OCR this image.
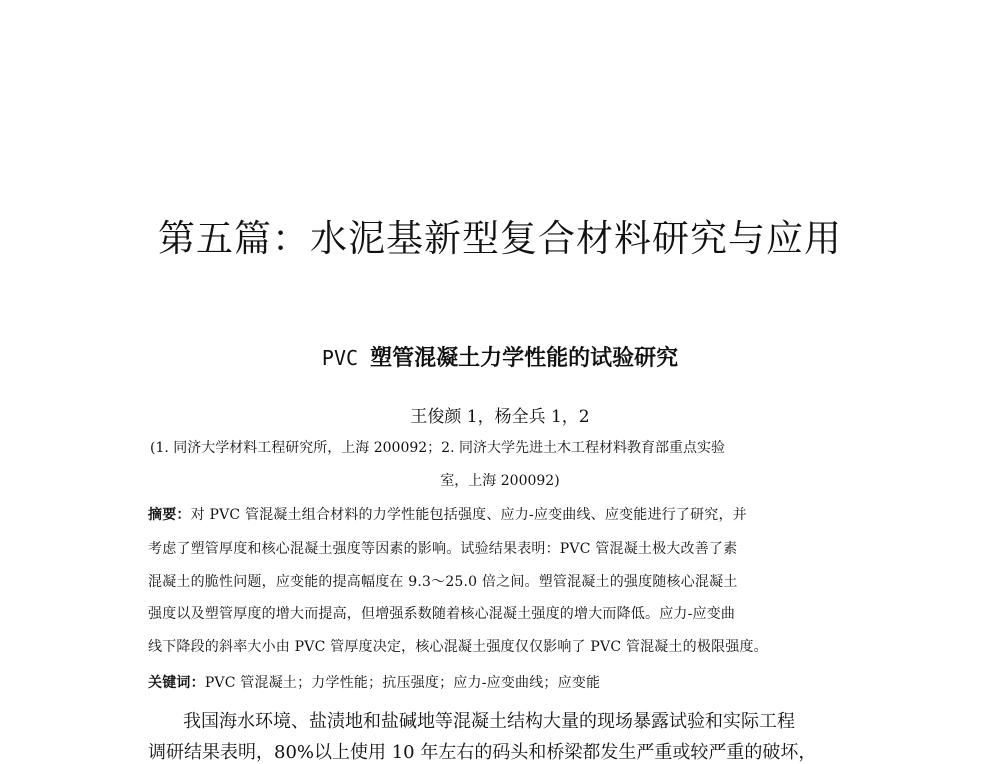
第五篇：水泥基新型复合材料研究与应用
PVC 塑管混凝土力学性能的试验研究
王俊颜 1，杨全兵 1，2
(1. 同济大学材料工程研究所，上海 200092；2. 同济大学先进土木工程材料教育部重点实验
室，上海 200092)
摘要：对 PVC 管混凝土组合材料的力学性能包括强度、应力-应变曲线、应变能进行了研究，并
考虑了塑管厚度和核心混凝土强度等因素的影响。试验结果表明：PVC 管混凝土极大改善了素
混凝土的脆性问题，应变能的提高幅度在 9.3～25.0 倍之间。塑管混凝土的强度随核心混凝土
强度以及塑管厚度的增大而提高，但增强系数随着核心混凝土强度的增大而降低。应力-应变曲
线下降段的斜率大小由 PVC 管厚度决定，核心混凝土强度仅仅影响了 PVC 管混凝土的极限强度。
关键词：PVC 管混凝土；力学性能；抗压强度；应力-应变曲线；应变能
我国海水环境、盐渍地和盐碱地等混凝土结构大量的现场暴露试验和实际工程
调研结果表明，80%以上使用 10 年左右的码头和桥梁都发生严重或较严重的破坏，
